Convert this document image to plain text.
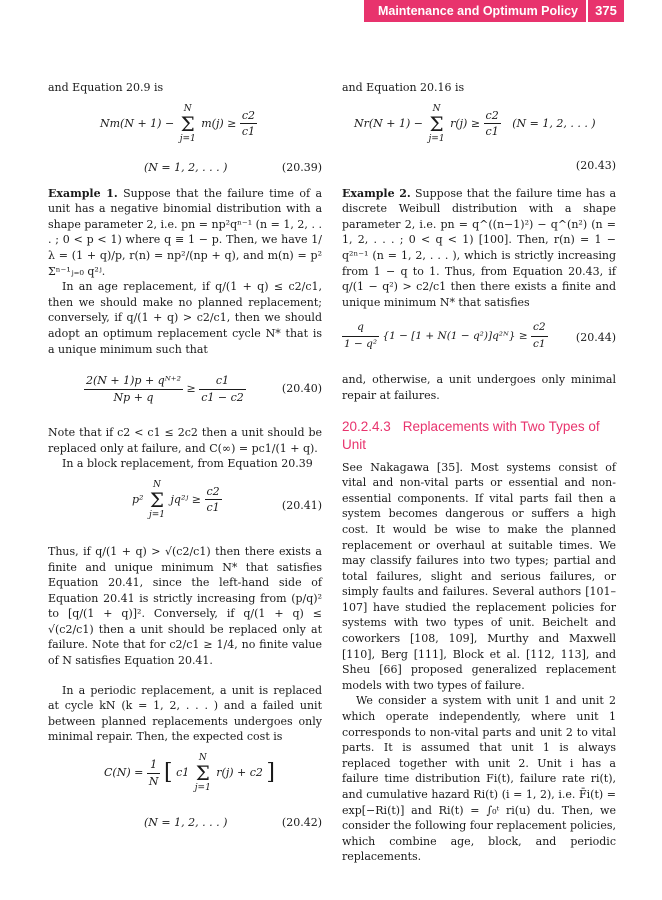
Maintenance and Optimum Policy	375

and Equation 20.9 is

Nm(N + 1) − N
Σ
j=1 $m(j) \ge \frac{c2}{c1}$
(N = 1, 2, . . . )	(20.39)

Example 1. Suppose that the failure time of a unit has a negative binomial distribution with a shape parameter 2, i.e. pn = np²qⁿ⁻¹ (n = 1, 2, . . . ; 0 < p < 1) where q ≡ 1 − p. Then, we have 1/λ = (1 + q)/p, r(n) = np²/(np + q), and m(n) = p² Σⁿ⁻¹ⱼ₌₀ q²ʲ.

In an age replacement, if q/(1 + q) ≤ c2/c1, then we should make no planned replacement; conversely, if q/(1 + q) > c2/c1, then we should adopt an optimum replacement cycle N* that is a unique minimum such that

$\frac{\text{2(N + 1)p + qᴺ⁺²}}{Np + q} \ge \frac{c1}{c1 - c2}$	(20.40)

Note that if c2 < c1 ≤ 2c2 then a unit should be replaced only at failure, and C(∞) = pc1/(1 + q).

In a block replacement, from Equation 20.39

p² N
Σ
j=1 jq²ʲ ≥ $\frac{c2}{c1}$	(20.41)

Thus, if q/(1 + q) > √(c2/c1) then there exists a finite and unique minimum N* that satisfies Equation 20.41, since the left-hand side of Equation 20.41 is strictly increasing from (p/q)² to [q/(1 + q)]². Conversely, if q/(1 + q) ≤ √(c2/c1) then a unit should be replaced only at failure. Note that for c2/c1 ≥ 1/4, no finite value of N satisfies Equation 20.41.

In a periodic replacement, a unit is replaced at cycle kN (k = 1, 2, . . . ) and a failed unit between planned replacements undergoes only minimal repair. Then, the expected cost is

$C(N) = \frac{1}{N}$ [ c1 N
Σ
j=1 r(j) + c2 ]
(N = 1, 2, . . . )	(20.42)

and Equation 20.16 is

Nr(N + 1) − N
Σ
j=1 $r(j) \ge \frac{c2}{c1} (N = 1$, 2, . . . )
(20.43)

Example 2. Suppose that the failure time has a discrete Weibull distribution with a shape parameter 2, i.e. pn = q^((n−1)²) − q^(n²) (n = 1, 2, . . . ; 0 < q < 1) [100]. Then, r(n) = 1 − q²ⁿ⁻¹ (n = 1, 2, . . . ), which is strictly increasing from 1 − q to 1. Thus, from Equation 20.43, if q/(1 − q²) > c2/c1 then there exists a finite and unique minimum N* that satisfies

$\frac{q}{\text{1 − q²}} \{1 - [1 + N(1$ − q²)]q²ᴺ} ≥ $\frac{c2}{c1}$	(20.44)

and, otherwise, a unit undergoes only minimal repair at failures.

20.2.4.3 Replacements with Two Types of Unit

See Nakagawa [35]. Most systems consist of vital and non-vital parts or essential and non-essential components. If vital parts fail then a system becomes dangerous or suffers a high cost. It would be wise to make the planned replacement or overhaul at suitable times. We may classify failures into two types; partial and total failures, slight and serious failures, or simply faults and failures. Several authors [101–107] have studied the replacement policies for systems with two types of unit. Beichelt and coworkers [108, 109], Murthy and Maxwell [110], Berg [111], Block et al. [112, 113], and Sheu [66] proposed generalized replacement models with two types of failure.

We consider a system with unit 1 and unit 2 which operate independently, where unit 1 corresponds to non-vital parts and unit 2 to vital parts. It is assumed that unit 1 is always replaced together with unit 2. Unit i has a failure time distribution Fi(t), failure rate ri(t), and cumulative hazard Ri(t) (i = 1, 2), i.e. F̄i(t) = exp[−Ri(t)] and Ri(t) = ∫₀ᵗ ri(u) du. Then, we consider the following four replacement policies, which combine age, block, and periodic replacements.
